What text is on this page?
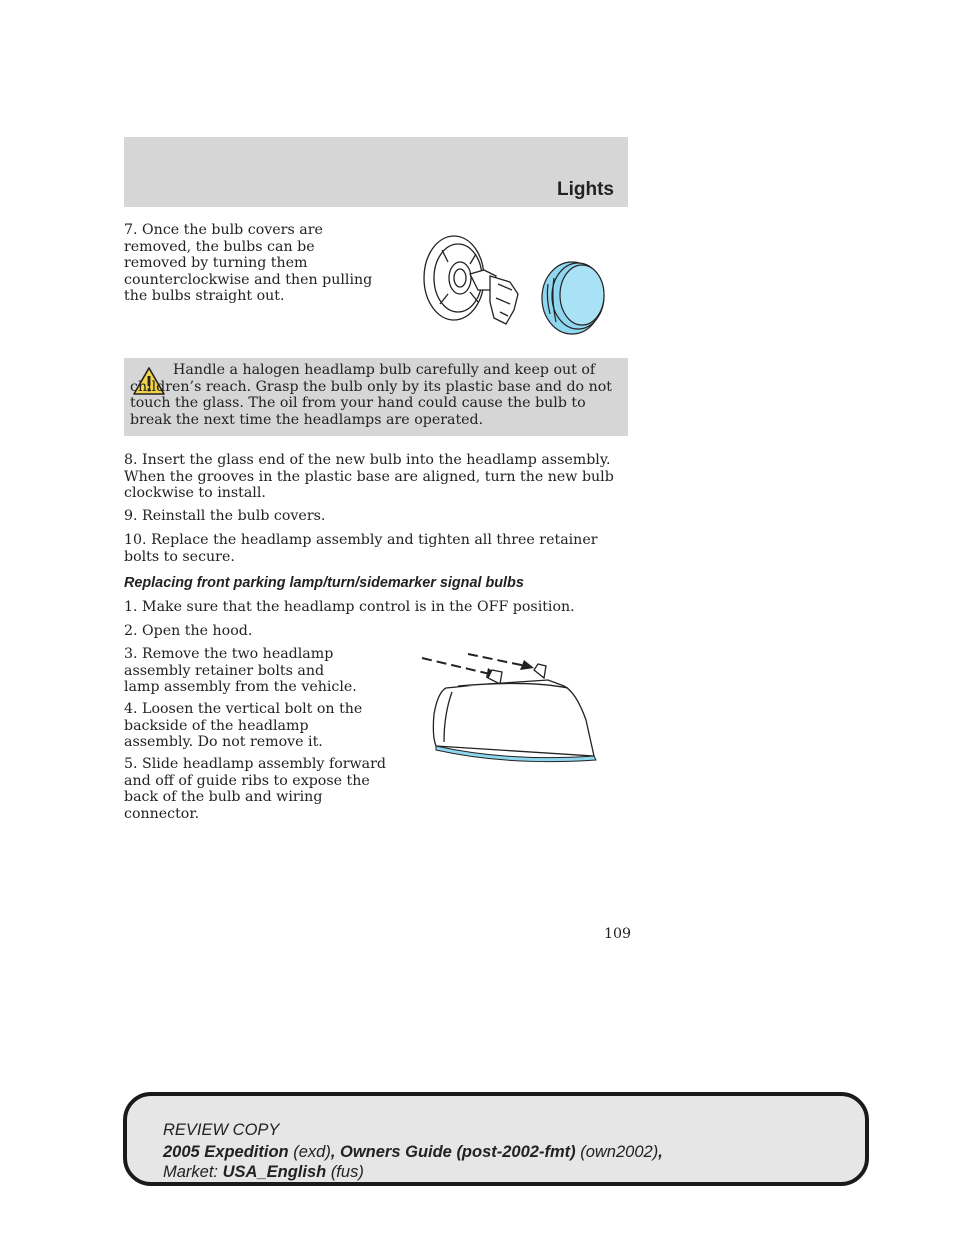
Lights

7. Once the bulb covers are removed, the bulbs can be removed by turning them counterclockwise and then pulling the bulbs straight out.

Handle a halogen headlamp bulb carefully and keep out of children’s reach. Grasp the bulb only by its plastic base and do not touch the glass. The oil from your hand could cause the bulb to break the next time the headlamps are operated.

8. Insert the glass end of the new bulb into the headlamp assembly. When the grooves in the plastic base are aligned, turn the new bulb clockwise to install.

9. Reinstall the bulb covers.

10. Replace the headlamp assembly and tighten all three retainer bolts to secure.

Replacing front parking lamp/turn/sidemarker signal bulbs

1. Make sure that the headlamp control is in the OFF position.

2. Open the hood.

3. Remove the two headlamp assembly retainer bolts and lamp assembly from the vehicle.

4. Loosen the vertical bolt on the backside of the headlamp assembly. Do not remove it.

5. Slide headlamp assembly forward and off of guide ribs to expose the back of the bulb and wiring connector.

109
REVIEW COPY
2005 Expedition (exd), Owners Guide (post-2002-fmt) (own2002),
Market: USA_English (fus)
